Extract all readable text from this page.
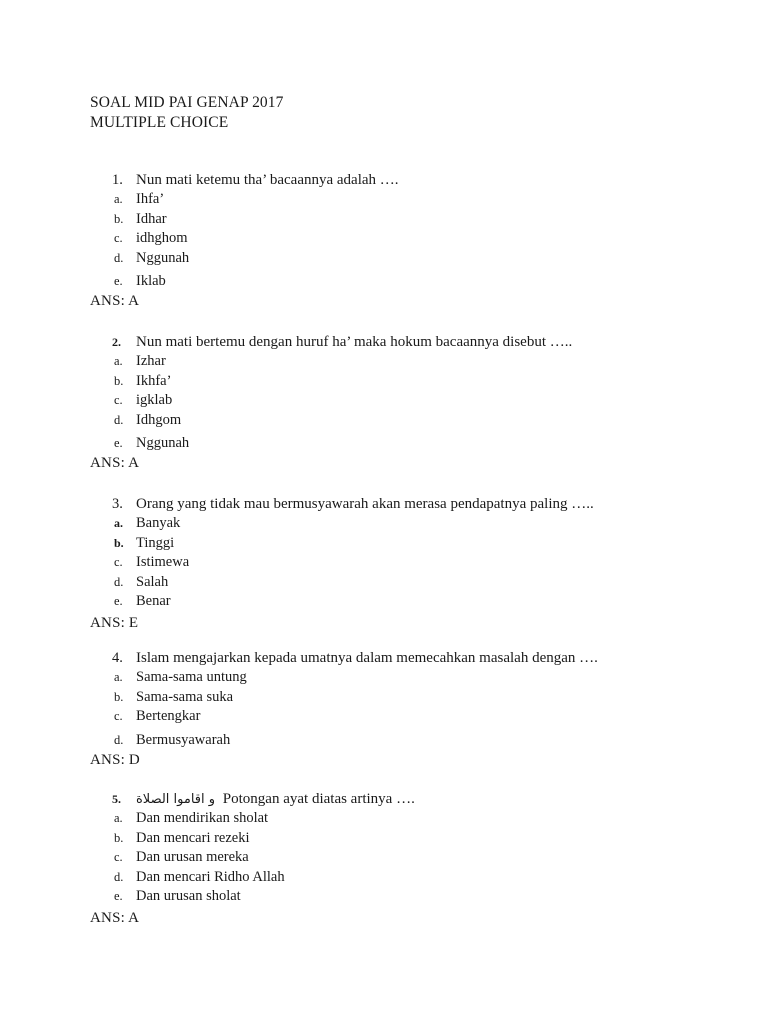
SOAL MID PAI GENAP 2017
MULTIPLE CHOICE
1. Nun mati ketemu tha’ bacaannya adalah ….
a. Ihfa’
b. Idhar
c. idhghom
d. Nggunah
e. Iklab
ANS: A
2.	Nun mati bertemu dengan huruf ha’ maka hokum bacaannya disebut …..
a. Izhar
b. Ikhfa’
c. igklab
d. Idhgom
e. Nggunah
ANS: A
3. Orang yang tidak mau bermusyawarah akan merasa pendapatnya paling …..
a. Banyak
b. Tinggi
c. Istimewa
d. Salah
e. Benar
ANS: E
4. Islam mengajarkan kepada umatnya dalam memecahkan masalah dengan ….
a. Sama-sama untung
b. Sama-sama suka
c. Bertengkar
d. Bermusyawarah
ANS: D
5.	و اقاموا الصلاة Potongan ayat diatas artinya ….
a. Dan mendirikan sholat
b. Dan mencari rezeki
c. Dan urusan mereka
d. Dan mencari Ridho Allah
e. Dan urusan sholat
ANS: A
